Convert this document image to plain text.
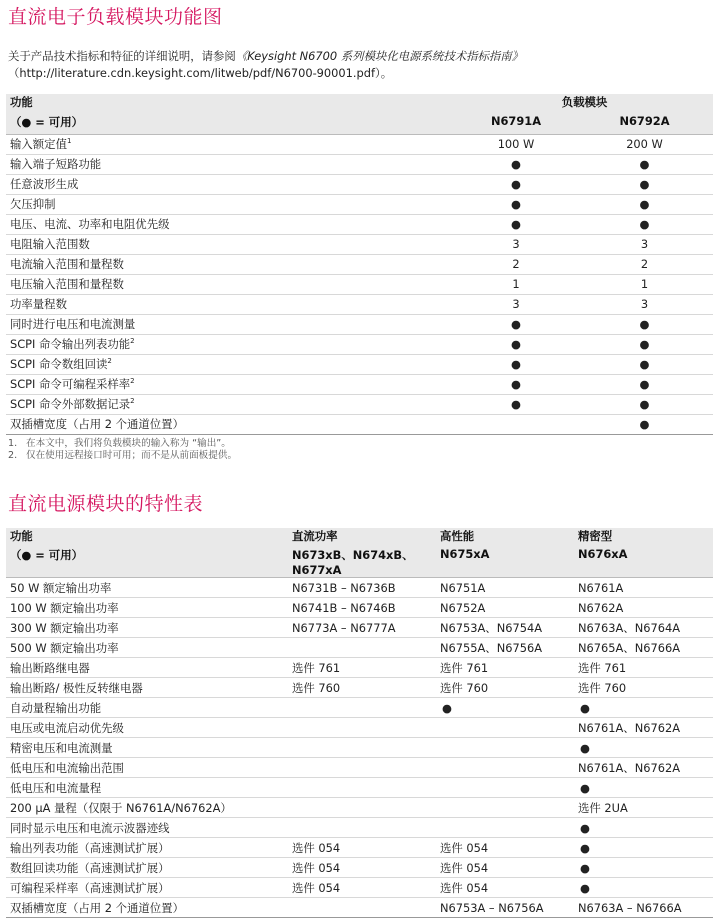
直流电子负载模块功能图
关于产品技术指标和特征的详细说明，请参阅《Keysight N6700 系列模块化电源系统技术指标指南》
（http://literature.cdn.keysight.com/litweb/pdf/N6700-90001.pdf）。
功能	负载模块	
（● = 可用）	N6791A	N6792A
输入额定值$^1$	100 W	200 W
输入端子短路功能	●	●
任意波形生成	●	●
欠压抑制	●	●
电压、电流、功率和电阻优先级	●	●
电阻输入范围数	3	3
电流输入范围和量程数	2	2
电压输入范围和量程数	1	1
功率量程数	3	3
同时进行电压和电流测量	●	●
SCPI 命令输出列表功能$^2$	●	●
SCPI 命令数组回读$^2$	●	●
SCPI 命令可编程采样率$^2$	●	●
SCPI 命令外部数据记录$^2$	●	●
双插槽宽度（占用 2 个通道位置）		●
1. 在本文中，我们将负载模块的输入称为 “输出”。
2. 仅在使用远程接口时可用；而不是从前面板提供。
直流电源模块的特性表
功能	直流功率	高性能	精密型
（● = 可用）	N673xB、N674xB、N677xA	N675xA	N676xA
50 W 额定输出功率	N6731B – N6736B	N6751A	N6761A
100 W 额定输出功率	N6741B – N6746B	N6752A	N6762A
300 W 额定输出功率	N6773A – N6777A	N6753A、N6754A	N6763A、N6764A
500 W 额定输出功率		N6755A、N6756A	N6765A、N6766A
输出断路继电器	选件 761	选件 761	选件 761
输出断路/ 极性反转继电器	选件 760	选件 760	选件 760
自动量程输出功能		●	●
电压或电流启动优先级			N6761A、N6762A
精密电压和电流测量			●
低电压和电流输出范围			N6761A、N6762A
低电压和电流量程			●
200 μA 量程（仅限于 N6761A/N6762A）			选件 2UA
同时显示电压和电流示波器迹线			●
输出列表功能（高速测试扩展）	选件 054	选件 054	●
数组回读功能（高速测试扩展）	选件 054	选件 054	●
可编程采样率（高速测试扩展）	选件 054	选件 054	●
双插槽宽度（占用 2 个通道位置）		N6753A – N6756A	N6763A – N6766A
